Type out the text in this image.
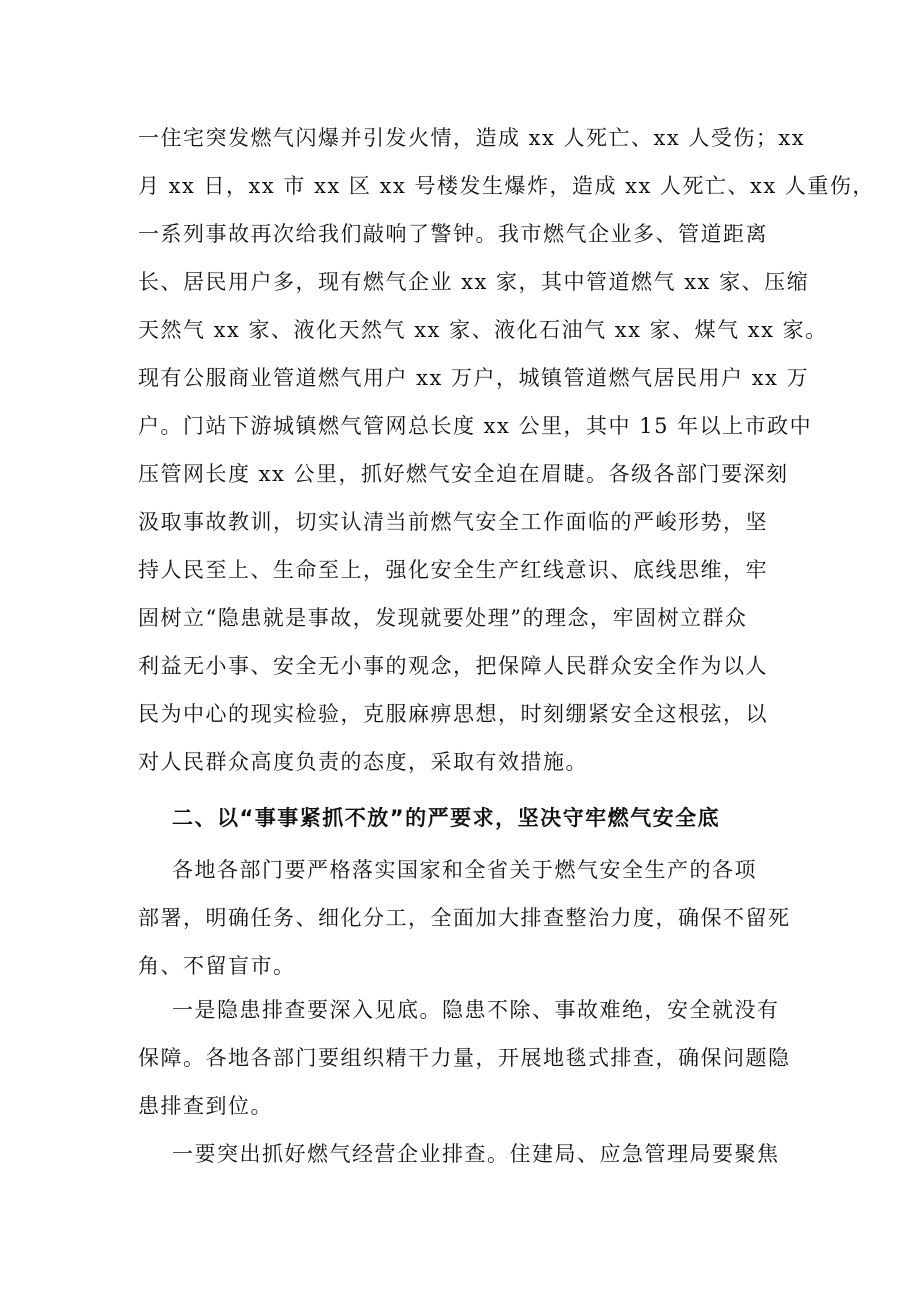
一住宅突发燃气闪爆并引发火情，造成 xx 人死亡、xx 人受伤；xx
月 xx 日，xx 市 xx 区 xx 号楼发生爆炸，造成 xx 人死亡、xx 人重伤，
一系列事故再次给我们敲响了警钟。我市燃气企业多、管道距离
长、居民用户多，现有燃气企业 xx 家，其中管道燃气 xx 家、压缩
天然气 xx 家、液化天然气 xx 家、液化石油气 xx 家、煤气 xx 家。
现有公服商业管道燃气用户 xx 万户，城镇管道燃气居民用户 xx 万
户。门站下游城镇燃气管网总长度 xx 公里，其中 15 年以上市政中
压管网长度 xx 公里，抓好燃气安全迫在眉睫。各级各部门要深刻
汲取事故教训，切实认清当前燃气安全工作面临的严峻形势，坚
持人民至上、生命至上，强化安全生产红线意识、底线思维，牢
固树立“隐患就是事故，发现就要处理”的理念，牢固树立群众
利益无小事、安全无小事的观念，把保障人民群众安全作为以人
民为中心的现实检验，克服麻痹思想，时刻绷紧安全这根弦，以
对人民群众高度负责的态度，采取有效措施。
二、以“事事紧抓不放”的严要求，坚决守牢燃气安全底
各地各部门要严格落实国家和全省关于燃气安全生产的各项
部署，明确任务、细化分工，全面加大排查整治力度，确保不留死
角、不留盲市。
一是隐患排查要深入见底。隐患不除、事故难绝，安全就没有
保障。各地各部门要组织精干力量，开展地毯式排查，确保问题隐
患排查到位。
一要突出抓好燃气经营企业排查。住建局、应急管理局要聚焦
